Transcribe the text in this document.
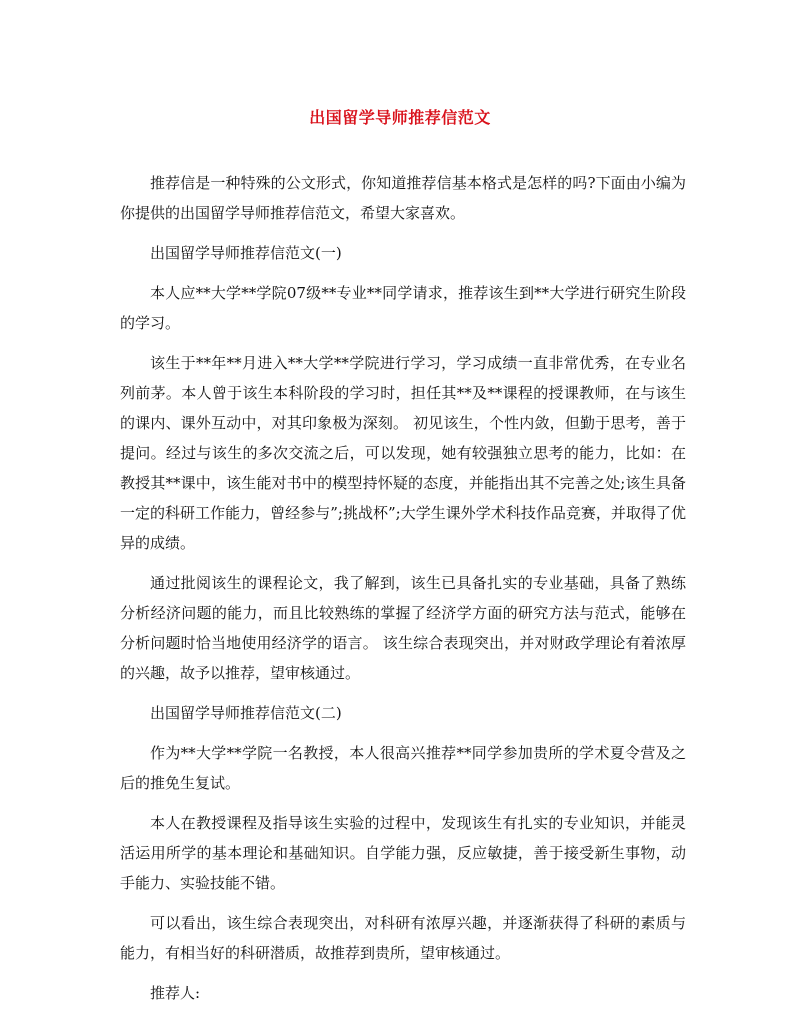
出国留学导师推荐信范文

推荐信是一种特殊的公文形式，你知道推荐信基本格式是怎样的吗?下面由小编为你提供的出国留学导师推荐信范文，希望大家喜欢。

出国留学导师推荐信范文(一)

本人应**大学**学院07级**专业**同学请求，推荐该生到**大学进行研究生阶段的学习。

该生于**年**月进入**大学**学院进行学习，学习成绩一直非常优秀，在专业名列前茅。本人曾于该生本科阶段的学习时，担任其**及**课程的授课教师，在与该生的课内、课外互动中，对其印象极为深刻。 初见该生，个性内敛，但勤于思考，善于提问。经过与该生的多次交流之后，可以发现，她有较强独立思考的能力，比如：在教授其**课中，该生能对书中的模型持怀疑的态度，并能指出其不完善之处;该生具备一定的科研工作能力，曾经参与”;挑战杯”;大学生课外学术科技作品竞赛，并取得了优异的成绩。

通过批阅该生的课程论文，我了解到，该生已具备扎实的专业基础，具备了熟练分析经济问题的能力，而且比较熟练的掌握了经济学方面的研究方法与范式，能够在分析问题时恰当地使用经济学的语言。 该生综合表现突出，并对财政学理论有着浓厚的兴趣，故予以推荐，望审核通过。

出国留学导师推荐信范文(二)

作为**大学**学院一名教授，本人很高兴推荐**同学参加贵所的学术夏令营及之后的推免生复试。

本人在教授课程及指导该生实验的过程中，发现该生有扎实的专业知识，并能灵活运用所学的基本理论和基础知识。自学能力强，反应敏捷，善于接受新生事物，动手能力、实验技能不错。

可以看出，该生综合表现突出，对科研有浓厚兴趣，并逐渐获得了科研的素质与能力，有相当好的科研潜质，故推荐到贵所，望审核通过。

推荐人:
